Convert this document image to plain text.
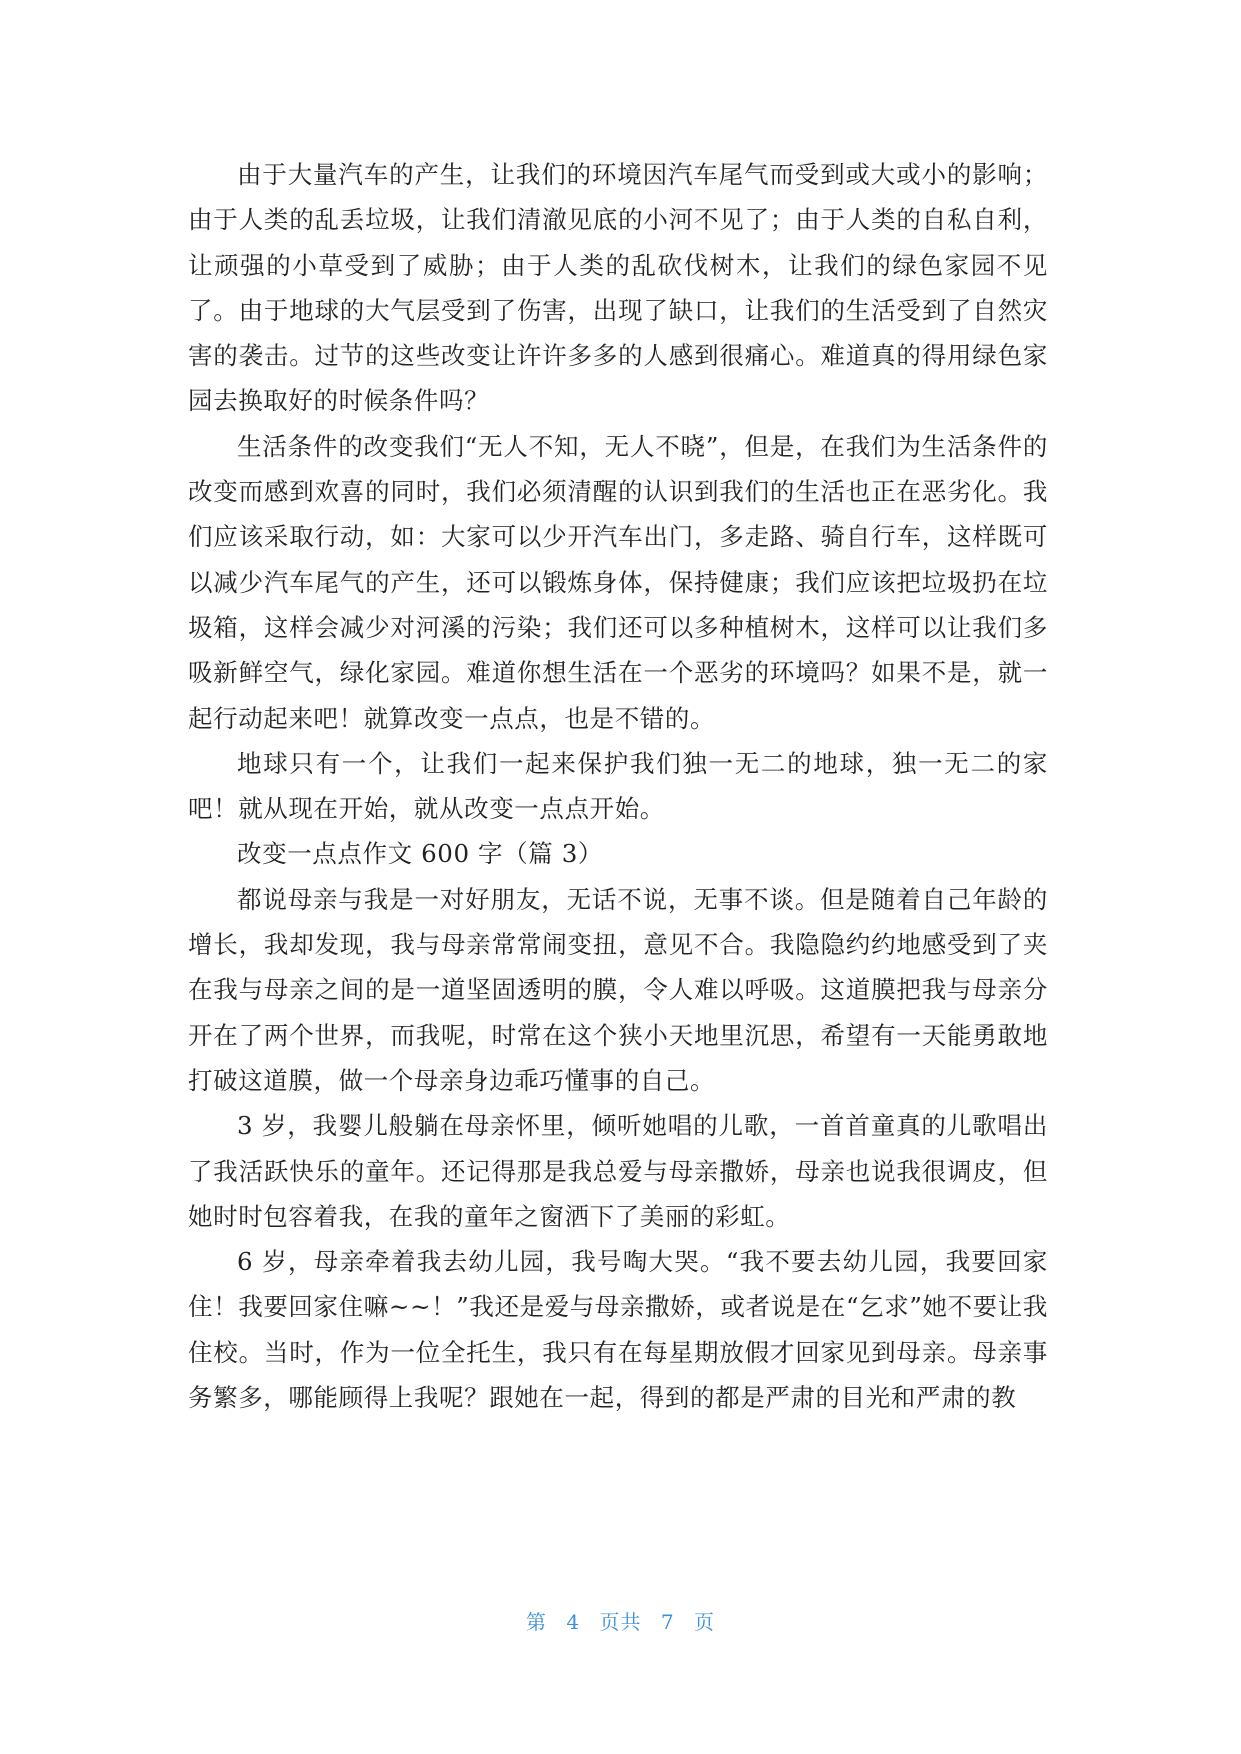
由于大量汽车的产生，让我们的环境因汽车尾气而受到或大或小的影响；由于人类的乱丢垃圾，让我们清澈见底的小河不见了；由于人类的自私自利，让顽强的小草受到了威胁；由于人类的乱砍伐树木，让我们的绿色家园不见了。由于地球的大气层受到了伤害，出现了缺口，让我们的生活受到了自然灾害的袭击。过节的这些改变让许许多多的人感到很痛心。难道真的得用绿色家园去换取好的时候条件吗？

生活条件的改变我们“无人不知，无人不晓”，但是，在我们为生活条件的改变而感到欢喜的同时，我们必须清醒的认识到我们的生活也正在恶劣化。我们应该采取行动，如：大家可以少开汽车出门，多走路、骑自行车，这样既可以减少汽车尾气的产生，还可以锻炼身体，保持健康；我们应该把垃圾扔在垃圾箱，这样会减少对河溪的污染；我们还可以多种植树木，这样可以让我们多吸新鲜空气，绿化家园。难道你想生活在一个恶劣的环境吗？如果不是，就一起行动起来吧！就算改变一点点，也是不错的。

地球只有一个，让我们一起来保护我们独一无二的地球，独一无二的家吧！就从现在开始，就从改变一点点开始。

改变一点点作文 600 字（篇 3）

都说母亲与我是一对好朋友，无话不说，无事不谈。但是随着自己年龄的增长，我却发现，我与母亲常常闹变扭，意见不合。我隐隐约约地感受到了夹在我与母亲之间的是一道坚固透明的膜，令人难以呼吸。这道膜把我与母亲分开在了两个世界，而我呢，时常在这个狭小天地里沉思，希望有一天能勇敢地打破这道膜，做一个母亲身边乖巧懂事的自己。

3 岁，我婴儿般躺在母亲怀里，倾听她唱的儿歌，一首首童真的儿歌唱出了我活跃快乐的童年。还记得那是我总爱与母亲撒娇，母亲也说我很调皮，但她时时包容着我，在我的童年之窗洒下了美丽的彩虹。

6 岁，母亲牵着我去幼儿园，我号啕大哭。“我不要去幼儿园，我要回家住！我要回家住嘛~~！”我还是爱与母亲撒娇，或者说是在“乞求”她不要让我住校。当时，作为一位全托生，我只有在每星期放假才回家见到母亲。母亲事务繁多，哪能顾得上我呢？跟她在一起，得到的都是严肃的目光和严肃的教

第 4 页共 7 页
